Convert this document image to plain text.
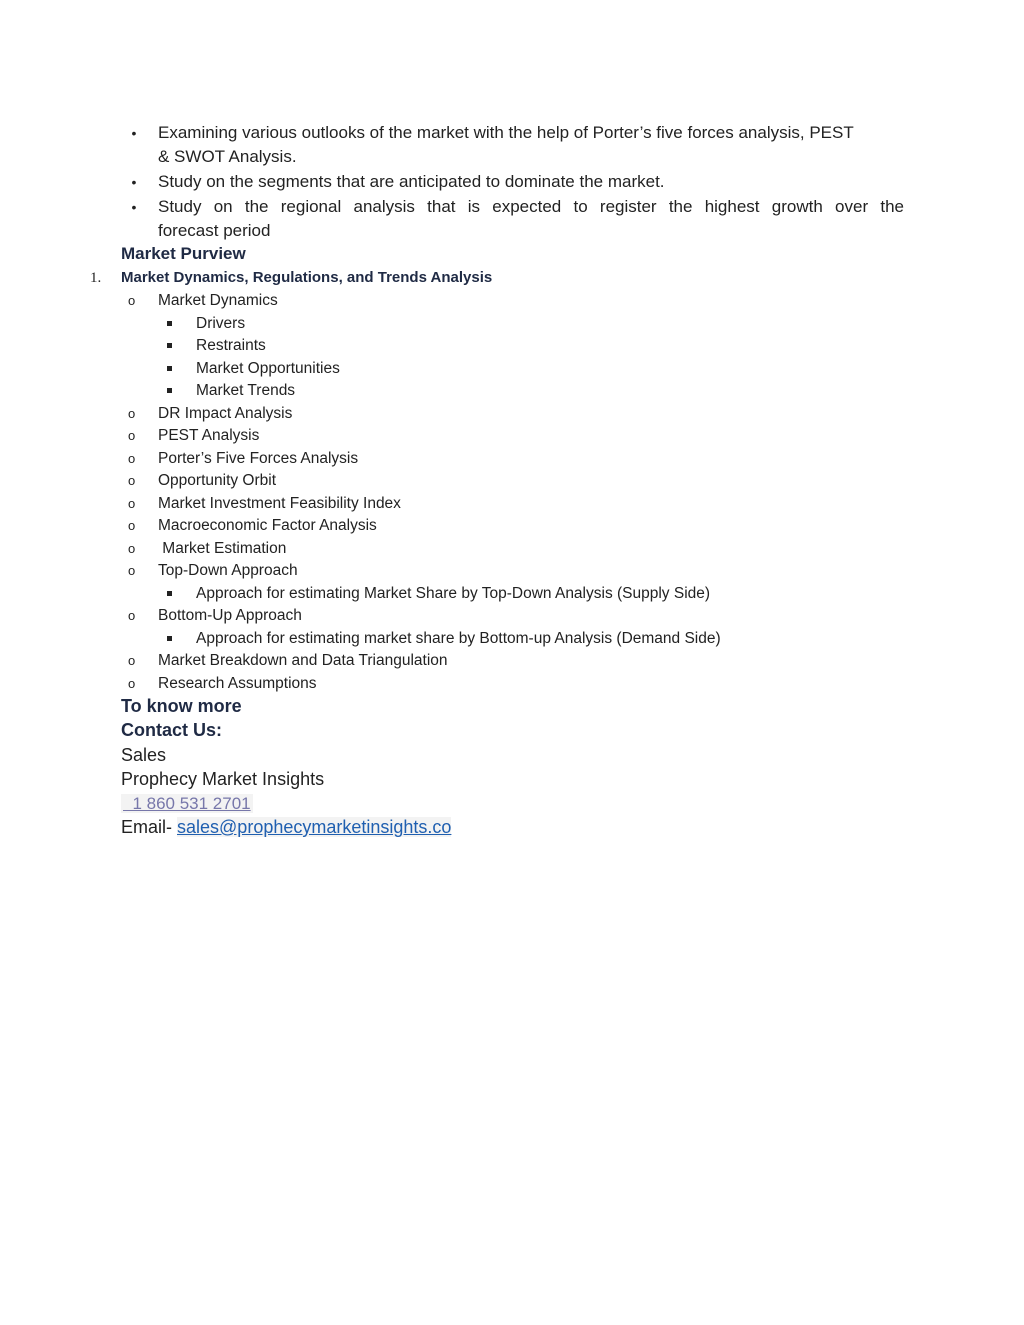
• Examining various outlooks of the market with the help of Porter’s five forces analysis, PEST
& SWOT Analysis.
• Study on the segments that are anticipated to dominate the market.
• Study on the regional analysis that is expected to register the highest growth over the
forecast period
Market Purview
1. Market Dynamics, Regulations, and Trends Analysis
o Market Dynamics
Drivers
Restraints
Market Opportunities
Market Trends
o DR Impact Analysis
o PEST Analysis
o Porter’s Five Forces Analysis
o Opportunity Orbit
o Market Investment Feasibility Index
o Macroeconomic Factor Analysis
o Market Estimation
o Top-Down Approach
Approach for estimating Market Share by Top-Down Analysis (Supply Side)
o Bottom-Up Approach
Approach for estimating market share by Bottom-up Analysis (Demand Side)
o Market Breakdown and Data Triangulation
o Research Assumptions
To know more
Contact Us:
Sales
Prophecy Market Insights
1 860 531 2701
Email- sales@prophecymarketinsights.co
